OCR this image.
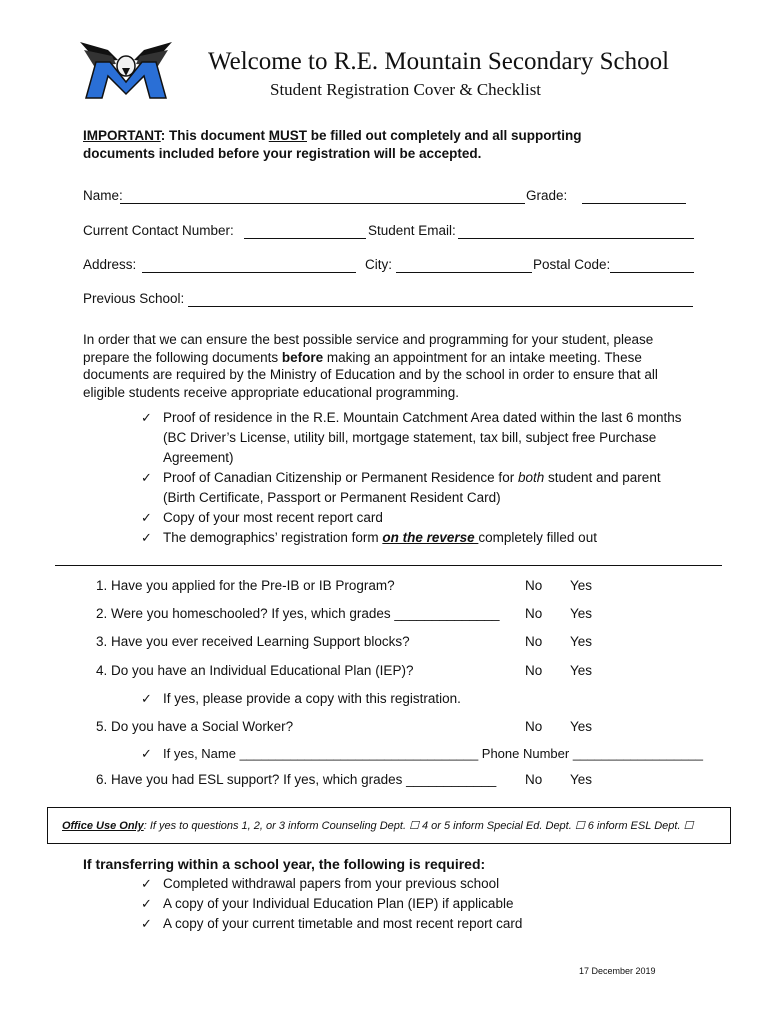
Welcome to R.E. Mountain Secondary School
Student Registration Cover & Checklist
IMPORTANT: This document MUST be filled out completely and all supporting
documents included before your registration will be accepted.
Name:	Grade:
Current Contact Number:	Student Email:
Address:	City:	Postal Code:
Previous School:
In order that we can ensure the best possible service and programming for your student, please
prepare the following documents before making an appointment for an intake meeting. These
documents are required by the Ministry of Education and by the school in order to ensure that all
eligible students receive appropriate educational programming.
✓ Proof of residence in the R.E. Mountain Catchment Area dated within the last 6 months
(BC Driver’s License, utility bill, mortgage statement, tax bill, subject free Purchase
Agreement)
✓ Proof of Canadian Citizenship or Permanent Residence for both student and parent
(Birth Certificate, Passport or Permanent Resident Card)
✓ Copy of your most recent report card
✓ The demographics’ registration form on the reverse completely filled out
1. Have you applied for the Pre-IB or IB Program?	No Yes
2. Were you homeschooled? If yes, which grades ______________ No Yes
3. Have you ever received Learning Support blocks?	No Yes
4. Do you have an Individual Educational Plan (IEP)?	No Yes
✓ If yes, please provide a copy with this registration.
5. Do you have a Social Worker?	No Yes
✓ If yes, Name _________________________________ Phone Number __________________
6. Have you had ESL support? If yes, which grades ____________ No Yes
Office Use Only: If yes to questions 1, 2, or 3 inform Counseling Dept. ☐ 4 or 5 inform Special Ed. Dept. ☐ 6 inform ESL Dept. ☐
If transferring within a school year, the following is required:
✓ Completed withdrawal papers from your previous school
✓ A copy of your Individual Education Plan (IEP) if applicable
✓ A copy of your current timetable and most recent report card
17 December 2019
